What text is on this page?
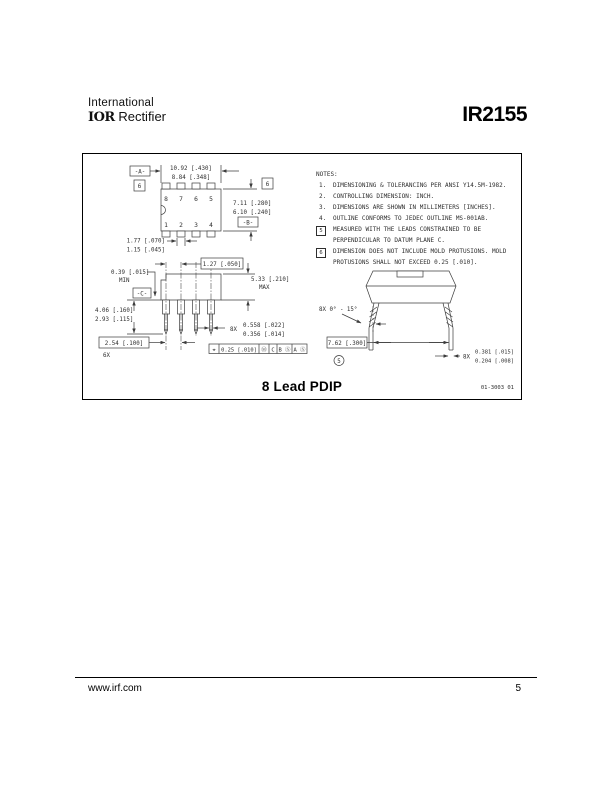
International
IOR Rectifier	IR2155
10.92 [.430]
8.84 [.348]
7.11 [.280]
6.10 [.240]
1.77 [.070]
1.15 [.045]
-A-
-B-
6	6
8 7 6 5
1 2 3 4
⌖ 0.25 [.010] Ⓜ C B Ⓢ A Ⓢ
1.27 [.050]
0.39 [.015]
MIN
-C-
5.33 [.210]
MAX
4.06 [.160]
2.93 [.115]
2.54 [.100]
6X
8X
0.558 [.022]
0.356 [.014]
8X 0° - 15°
7.62 [.300]
5
8X
0.381 [.015]
0.204 [.008]
NOTES:
1. DIMENSIONING & TOLERANCING PER ANSI Y14.5M-1982.
2. CONTROLLING DIMENSION: INCH.
3. DIMENSIONS ARE SHOWN IN MILLIMETERS [INCHES].
4. OUTLINE CONFORMS TO JEDEC OUTLINE MS-001AB.
5	MEASURED WITH THE LEADS CONSTRAINED TO BE PERPENDICULAR TO DATUM PLANE C.
6	DIMENSION DOES NOT INCLUDE MOLD PROTUSIONS. MOLD PROTUSIONS SHALL NOT EXCEED 0.25 [.010].
8 Lead PDIP	01-3003 01
www.irf.com	5
